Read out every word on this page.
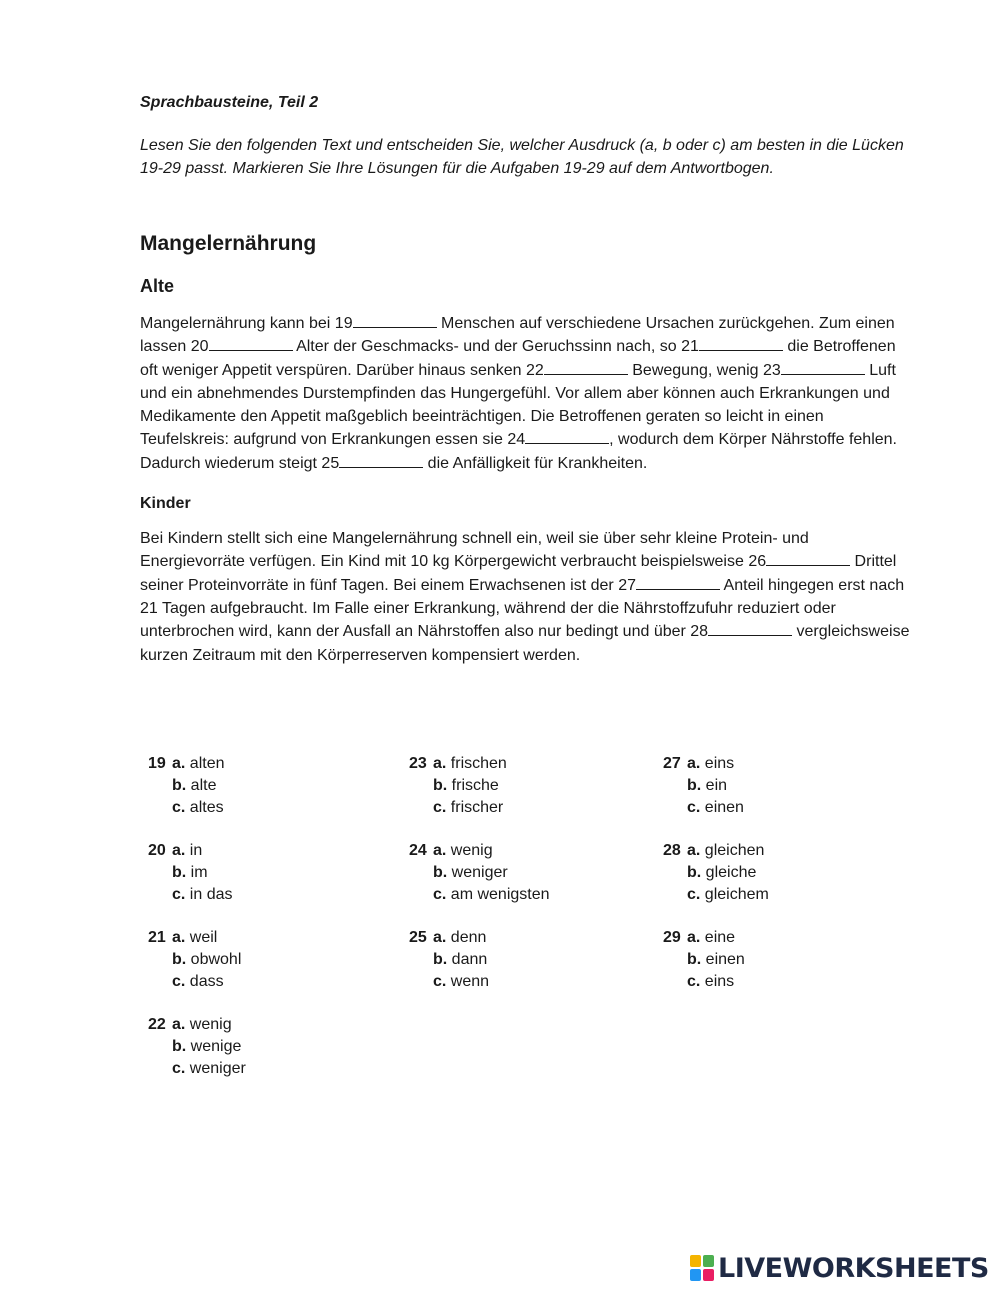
Sprachbausteine, Teil 2

Lesen Sie den folgenden Text und entscheiden Sie, welcher Ausdruck (a, b oder c) am besten in die Lücken 19-29 passt. Markieren Sie Ihre Lösungen für die Aufgaben 19-29 auf dem Antwortbogen.

Mangelernährung
Alte

Mangelernährung kann bei 19	Menschen auf verschiedene Ursachen zurückgehen. Zum einen lassen 20	Alter der Geschmacks- und der Geruchssinn nach, so 21	die Betroffenen oft weniger Appetit verspüren. Darüber hinaus senken 22	Bewegung, wenig 23	Luft und ein abnehmendes Durstempfinden das Hungergefühl. Vor allem aber können auch Erkrankungen und Medikamente den Appetit maßgeblich beeinträchtigen. Die Betroffenen geraten so leicht in einen Teufelskreis: aufgrund von Erkrankungen essen sie 24	, wodurch dem Körper Nährstoffe fehlen. Dadurch wiederum steigt 25	die Anfälligkeit für Krankheiten.

Kinder

Bei Kindern stellt sich eine Mangelernährung schnell ein, weil sie über sehr kleine Protein- und Energievorräte verfügen. Ein Kind mit 10 kg Körpergewicht verbraucht beispielsweise 26	Drittel seiner Proteinvorräte in fünf Tagen. Bei einem Erwachsenen ist der 27	Anteil hingegen erst nach 21 Tagen aufgebraucht. Im Falle einer Erkrankung, während der die Nährstoffzufuhr reduziert oder unterbrochen wird, kann der Ausfall an Nährstoffen also nur bedingt und über 28	vergleichsweise kurzen Zeitraum mit den Körperreserven kompensiert werden.

19 a. alten
b. alte
c. altes
20 a. in
b. im
c. in das
21 a. weil
b. obwohl
c. dass
22 a. wenig
b. wenige
c. weniger
23 a. frischen
b. frische
c. frischer
24 a. wenig
b. weniger
c. am wenigsten
25 a. denn
b. dann
c. wenn
27 a. eins
b. ein
c. einen
28 a. gleichen
b. gleiche
c. gleichem
29 a. eine
b. einen
c. eins
LIVEWORKSHEETS
